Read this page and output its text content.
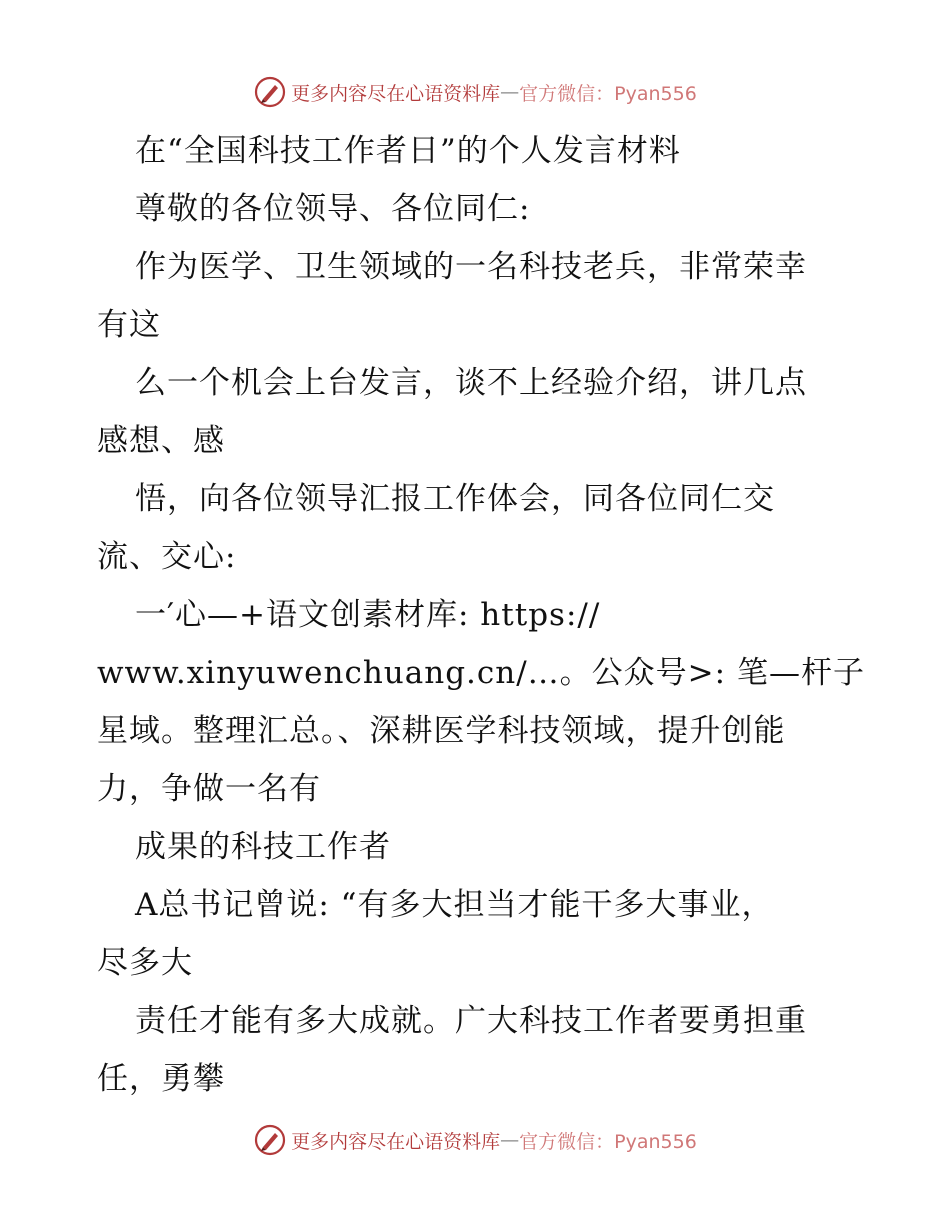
更多内容尽在心语资料库 — 官方微信：Pyan556
在“全国科技工作者日”的个人发言材料
尊敬的各位领导、各位同仁:
作为医学、卫生领域的一名科技老兵，非常荣幸
有这
么一个机会上台发言，谈不上经验介绍，讲几点
感想、感
悟，向各位领导汇报工作体会，同各位同仁交
流、交心:
一′心—+语文创素材库: https://
www.xinyuwenchuang.cn/…。公众号>: 笔—杆子
星域。整理汇总。、深耕医学科技领域，提升创能
力，争做一名有
成果的科技工作者
A总书记曾说: “有多大担当才能干多大事业，
尽多大
责任才能有多大成就。广大科技工作者要勇担重
任，勇攀
更多内容尽在心语资料库 — 官方微信：Pyan556
